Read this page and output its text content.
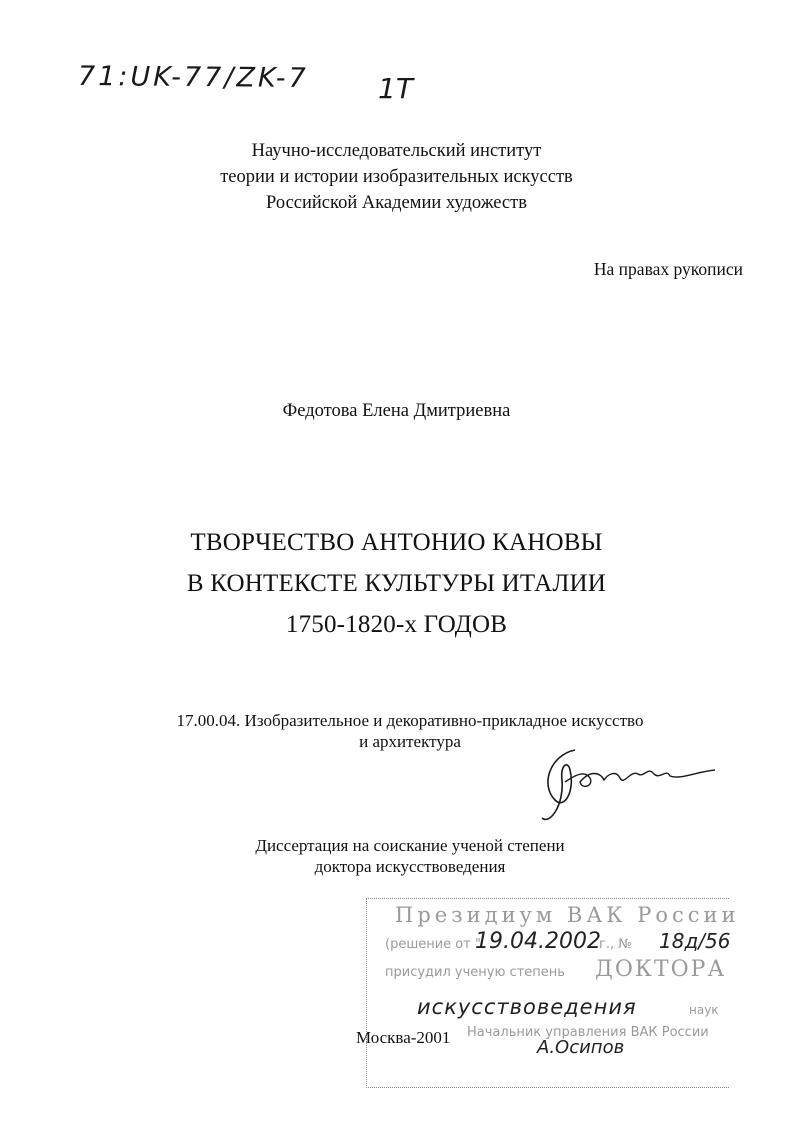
71:UK-77/ZK-7 1T
Научно-исследовательский институт
теории и истории изобразительных искусств
Российской Академии художеств
На правах рукописи
Федотова Елена Дмитриевна
ТВОРЧЕСТВО АНТОНИО КАНОВЫ
В КОНТЕКСТЕ КУЛЬТУРЫ ИТАЛИИ
1750-1820-х ГОДОВ
17.00.04. Изобразительное и декоративно-прикладное искусство
и архитектура
Диссертация на соискание ученой степени
доктора искусствоведения
Президиум ВАК России
(решение от "
19.04.2002
г., № 18д/56
присудил ученую степень ДОКТОРА
искусствоведения	наук
Начальник управления ВАК России
А.Осипов
Москва-2001
